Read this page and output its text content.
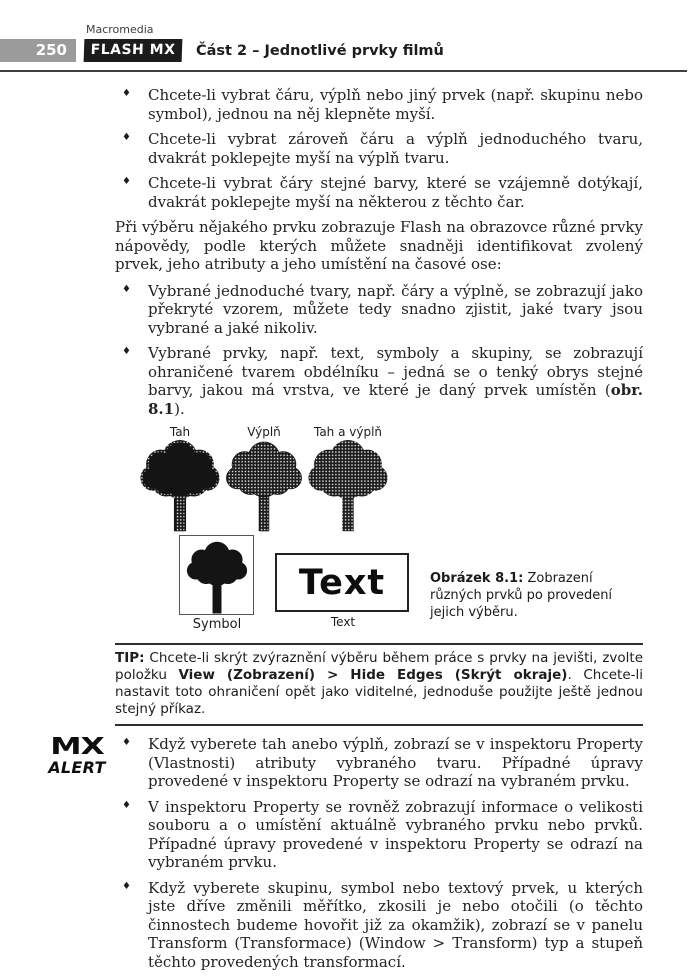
Macromedia
250	FLASH MX	Část 2 – Jednotlivé prvky filmů
♦	Chcete-li vybrat čáru, výplň nebo jiný prvek (např. skupinu nebo symbol), jednou na něj klepněte myší.
♦	Chcete-li vybrat zároveň čáru a výplň jednoduchého tvaru, dvakrát poklepejte myší na výplň tvaru.
♦	Chcete-li vybrat čáry stejné barvy, které se vzájemně dotýkají, dvakrát poklepejte myší na některou z těchto čar.

Při výběru nějakého prvku zobrazuje Flash na obrazovce různé prvky nápovědy, podle kterých můžete snadněji identifikovat zvolený prvek, jeho atributy a jeho umístění na časové ose:

♦	Vybrané jednoduché tvary, např. čáry a výplně, se zobrazují jako překryté vzorem, můžete tedy snadno zjistit, jaké tvary jsou vybrané a jaké nikoliv.
♦	Vybrané prvky, např. text, symboly a skupiny, se zobrazují ohraničené tvarem obdélníku – jedná se o tenký obrys stejné barvy, jakou má vrstva, ve které je daný prvek umístěn (obr. 8.1).
Tah	Výplň	Tah a výplň
Symbol
Text
Text
Obrázek 8.1: Zobrazení různých prvků po provedení jejich výběru.
TIP: Chcete-li skrýt zvýraznění výběru během práce s prvky na jevišti, zvolte položku View (Zobrazení) > Hide Edges (Skrýt okraje). Chcete-li nastavit toto ohraničení opět jako viditelné, jednoduše použijte ještě jednou stejný příkaz.
MX
ALERT
♦	Když vyberete tah anebo výplň, zobrazí se v inspektoru Property (Vlastnosti) atributy vybraného tvaru. Případné úpravy provedené v inspektoru Property se odrazí na vybraném prvku.
♦	V inspektoru Property se rovněž zobrazují informace o velikosti souboru a o umístění aktuálně vybraného prvku nebo prvků. Případné úpravy provedené v inspektoru Property se odrazí na vybraném prvku.
♦	Když vyberete skupinu, symbol nebo textový prvek, u kterých jste dříve změnili měřítko, zkosili je nebo otočili (o těchto činnostech budeme hovořit již za okamžik), zobrazí se v panelu Transform (Transformace) (Window > Transform) typ a stupeň těchto provedených transformací.
